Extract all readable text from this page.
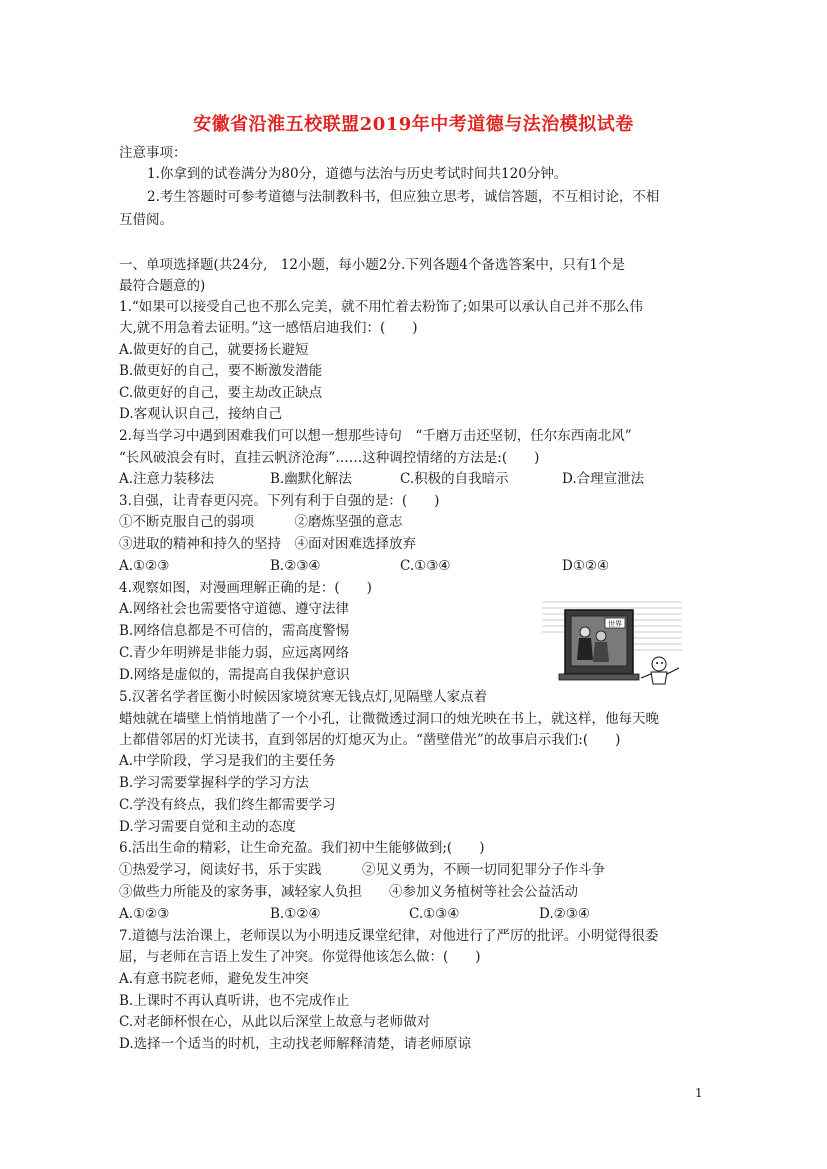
安徽省沿淮五校联盟2019年中考道德与法治模拟试卷
注意事项：
1.你拿到的试卷满分为80分，道德与法治与历史考试时间共120分钟。
2.考生答题时可参考道德与法制教科书，但应独立思考，诚信答题，不互相讨论，不相
互借阅。
一、单项选择题(共24分,　12小题，每小题2分.下列各题4个备选答案中，只有1个是
最符合题意的)
1.“如果可以接受自己也不那么完美，就不用忙着去粉饰了;如果可以承认自己并不那么伟
大,就不用急着去证明。”这一感悟启迪我们：(　　)
A.做更好的自己，就要扬长避短
B.做更好的自己，要不断激发潜能
C.做更好的自己，要主劫改正缺点
D.客观认识自己，接纳自己
2.每当学习中遇到困难我们可以想一想那些诗句　“千磨万击还坚韧，任尔东西南北风”
“长风破浪会有时，直挂云帆济沧海”……这种调控情绪的方法是:(　　)
A.注意力装移法	B.幽默化解法	C.积极的自我暗示	D.合理宣泄法
3.自强，让青春更闪亮。下列有利于自强的是：(　　)
①不断克服自己的弱项　　　②磨炼坚强的意志
③进取的精神和持久的坚持　④面对困难选择放弃
A.①②③	B.②③④	C.①③④	D①②④
4.观察如图，对漫画理解正确的是：(　　)
A.网络社会也需要恪守道德、遵守法律
B.网络信息都是不可信的，需高度警惕
C.青少年明辨是非能力弱，应远离网络
D.网络是虚似的，需提高自我保护意识
世界
5.汉著名学者匡衡小时候因家境贫寒无钱点灯,见隔壁人家点着
蜡烛就在墙壁上悄悄地凿了一个小孔，让微微透过洞口的烛光映在书上，就这样，他每天晚
上都借邻居的灯光读书，直到邻居的灯熄灭为止。“凿壁借光”的故事启示我们:(　　)
A.中学阶段，学习是我们的主要任务
B.学习需要掌握科学的学习方法
C.学没有終点，我们终生都需要学习
D.学习需要自觉和主动的态度
6.活出生命的精彩，让生命充盈。我们初中生能够做到;(　　)
①热爱学习，阅读好书，乐于实践　　　②见义勇为，不顾一切同犯罪分子作斗争
③做些力所能及的家务事，减轻家人负担　　④参加义务植树等社会公益活动
A.①②③	B.①②④	C.①③④	D.②③④
7.道德与法治课上，老师误以为小明违反课堂纪律，对他进行了严厉的批评。小明觉得很委
屈，与老师在言语上发生了冲突。你觉得他该怎么做：(　　)
A.有意书院老师，避免发生冲突
B.上课时不再认真听讲，也不完成作止
C.对老師杯恨在心，从此以后深堂上故意与老师做对
D.选择一个适当的时机，主动找老师解释清楚，请老师原谅
1
